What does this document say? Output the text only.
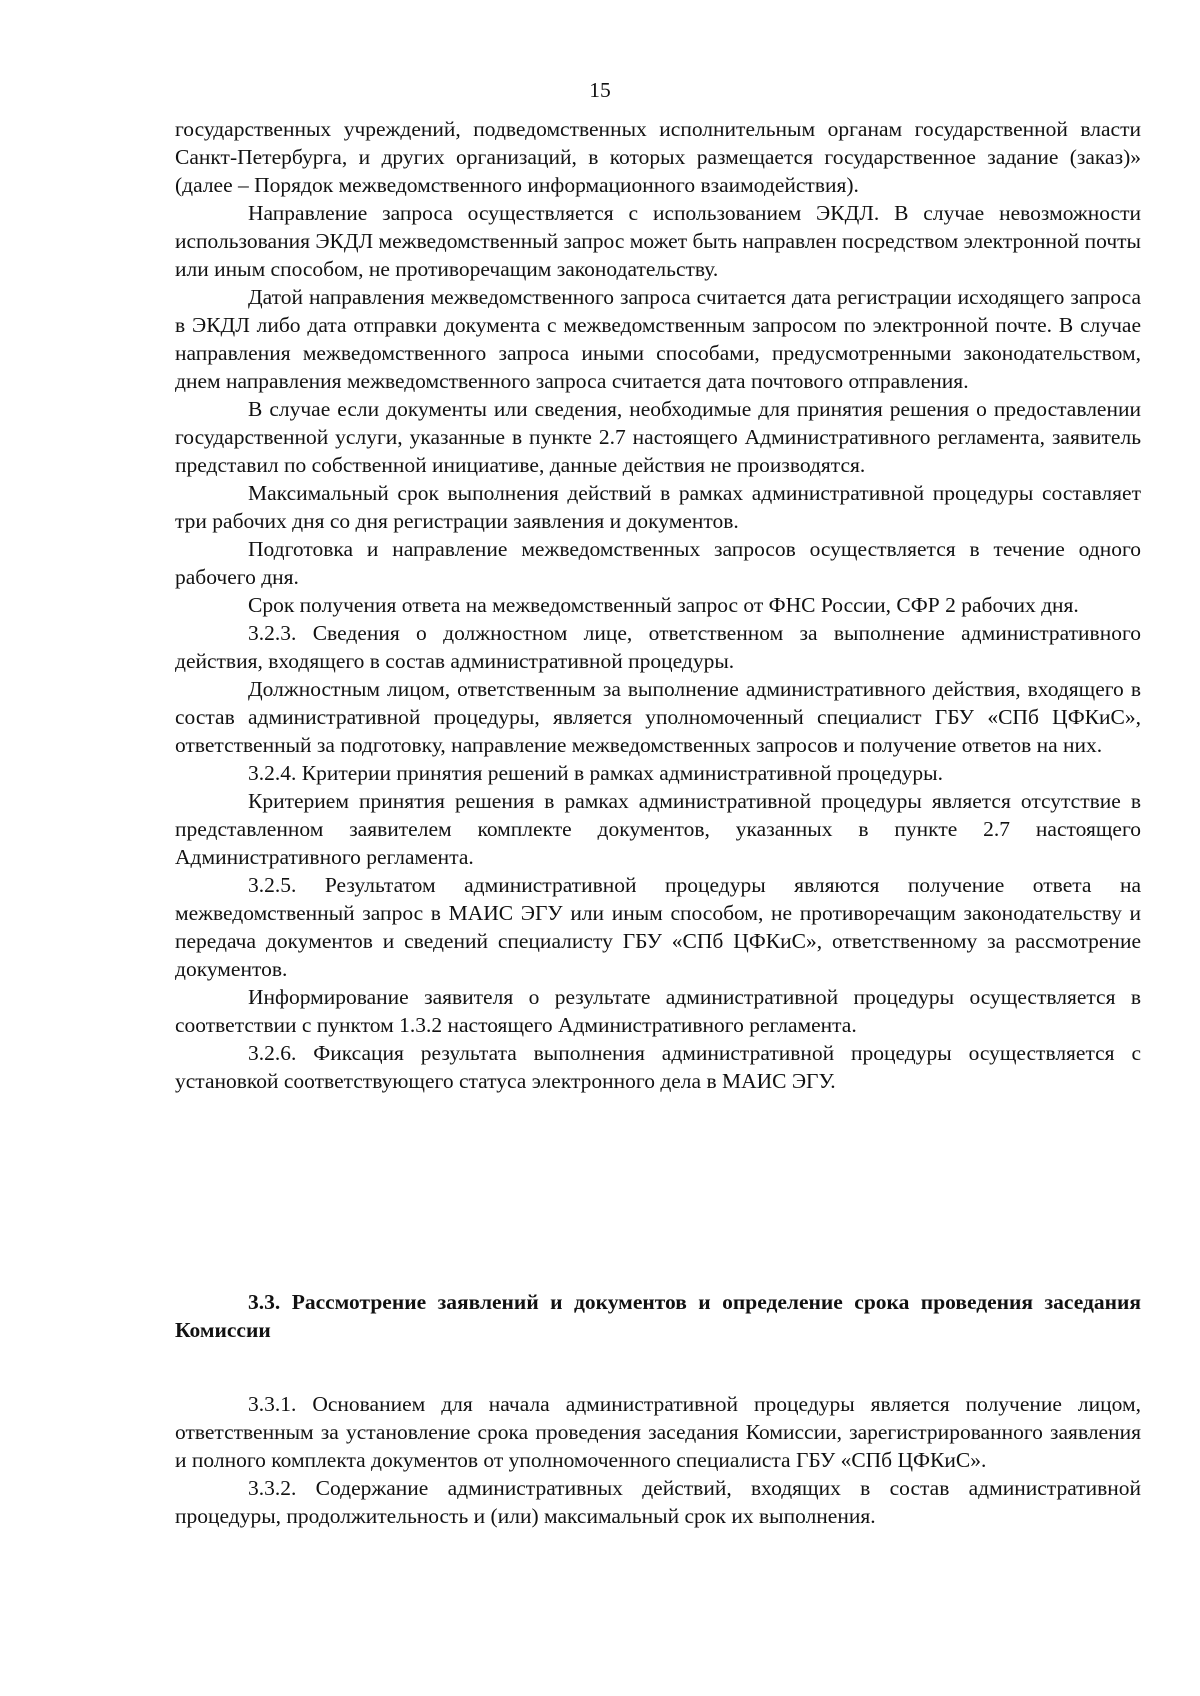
15

государственных учреждений, подведомственных исполнительным органам государственной власти Санкт-Петербурга, и других организаций, в которых размещается государственное задание (заказ)» (далее – Порядок межведомственного информационного взаимодействия).

Направление запроса осуществляется с использованием ЭКДЛ. В случае невозможности использования ЭКДЛ межведомственный запрос может быть направлен посредством электронной почты или иным способом, не противоречащим законодательству.

Датой направления межведомственного запроса считается дата регистрации исходящего запроса в ЭКДЛ либо дата отправки документа с межведомственным запросом по электронной почте. В случае направления межведомственного запроса иными способами, предусмотренными законодательством, днем направления межведомственного запроса считается дата почтового отправления.

В случае если документы или сведения, необходимые для принятия решения о предоставлении государственной услуги, указанные в пункте 2.7 настоящего Административного регламента, заявитель представил по собственной инициативе, данные действия не производятся.

Максимальный срок выполнения действий в рамках административной процедуры составляет три рабочих дня со дня регистрации заявления и документов.

Подготовка и направление межведомственных запросов осуществляется в течение одного рабочего дня.

Срок получения ответа на межведомственный запрос от ФНС России, СФР 2 рабочих дня.

3.2.3. Сведения о должностном лице, ответственном за выполнение административного действия, входящего в состав административной процедуры.

Должностным лицом, ответственным за выполнение административного действия, входящего в состав административной процедуры, является уполномоченный специалист ГБУ «СПб ЦФКиС», ответственный за подготовку, направление межведомственных запросов и получение ответов на них.

3.2.4. Критерии принятия решений в рамках административной процедуры.

Критерием принятия решения в рамках административной процедуры является отсутствие в представленном заявителем комплекте документов, указанных в пункте 2.7 настоящего Административного регламента.

3.2.5. Результатом административной процедуры являются получение ответа на межведомственный запрос в МАИС ЭГУ или иным способом, не противоречащим законодательству и передача документов и сведений специалисту ГБУ «СПб ЦФКиС», ответственному за рассмотрение документов.

Информирование заявителя о результате административной процедуры осуществляется в соответствии с пунктом 1.3.2 настоящего Административного регламента.

3.2.6. Фиксация результата выполнения административной процедуры осуществляется с установкой соответствующего статуса электронного дела в МАИС ЭГУ.

3.3. Рассмотрение заявлений и документов и определение срока проведения заседания Комиссии

3.3.1. Основанием для начала административной процедуры является получение лицом, ответственным за установление срока проведения заседания Комиссии, зарегистрированного заявления и полного комплекта документов от уполномоченного специалиста ГБУ «СПб ЦФКиС».

3.3.2. Содержание административных действий, входящих в состав административной процедуры, продолжительность и (или) максимальный срок их выполнения.
